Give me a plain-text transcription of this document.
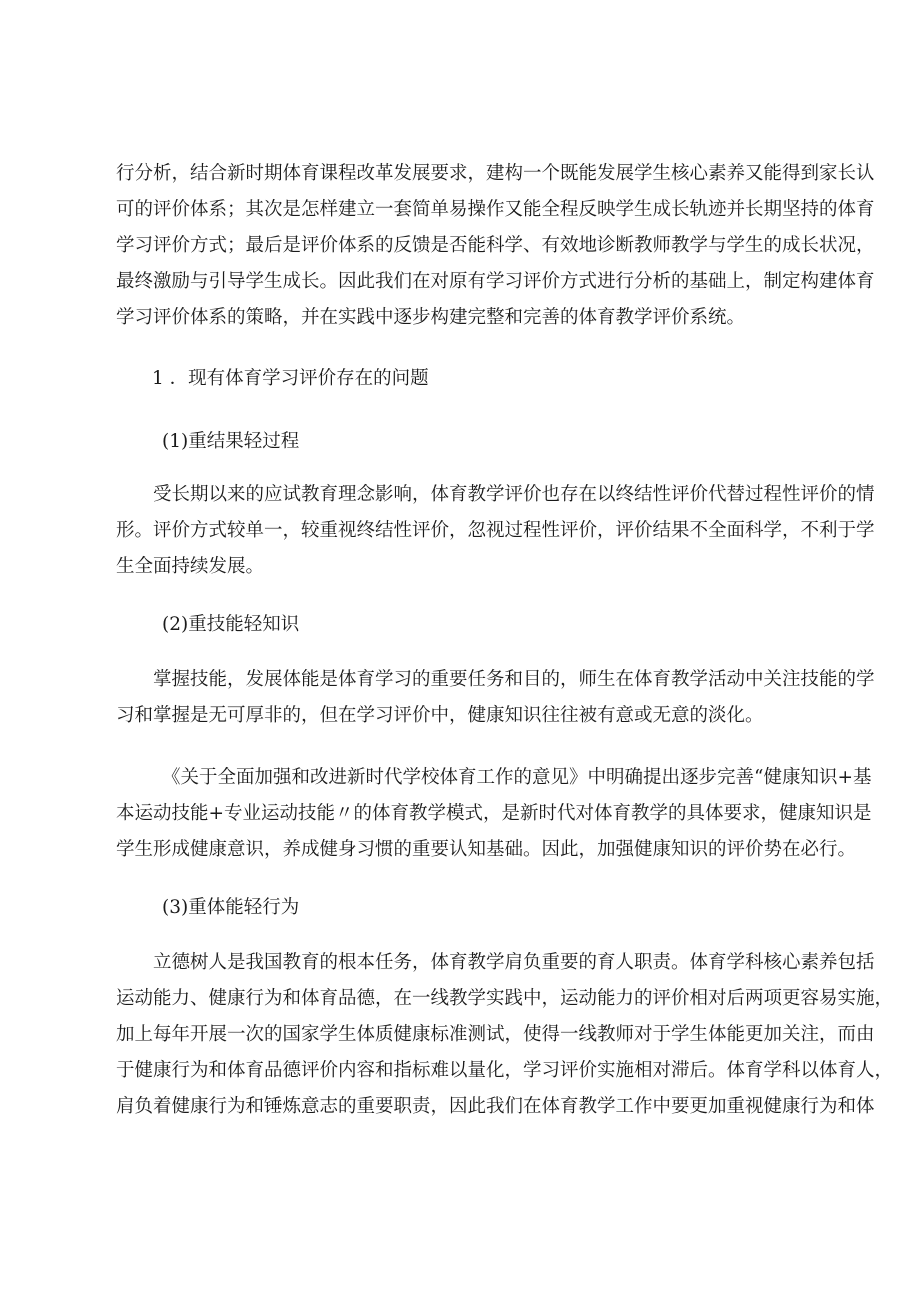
行分析，结合新时期体育课程改革发展要求，建构一个既能发展学生核心素养又能得到家长认
可的评价体系；其次是怎样建立一套简单易操作又能全程反映学生成长轨迹并长期坚持的体育
学习评价方式；最后是评价体系的反馈是否能科学、有效地诊断教师教学与学生的成长状况，
最终激励与引导学生成长。因此我们在对原有学习评价方式进行分析的基础上，制定构建体育
学习评价体系的策略，并在实践中逐步构建完整和完善的体育教学评价系统。
1 ．现有体育学习评价存在的问题
(1)重结果轻过程
受长期以来的应试教育理念影响，体育教学评价也存在以终结性评价代替过程性评价的情
形。评价方式较单一，较重视终结性评价，忽视过程性评价，评价结果不全面科学，不利于学
生全面持续发展。
(2)重技能轻知识
掌握技能，发展体能是体育学习的重要任务和目的，师生在体育教学活动中关注技能的学
习和掌握是无可厚非的，但在学习评价中，健康知识往往被有意或无意的淡化。
《关于全面加强和改进新时代学校体育工作的意见》中明确提出逐步完善“健康知识+基
本运动技能+专业运动技能〃的体育教学模式，是新时代对体育教学的具体要求，健康知识是
学生形成健康意识，养成健身习惯的重要认知基础。因此，加强健康知识的评价势在必行。
(3)重体能轻行为
立德树人是我国教育的根本任务，体育教学肩负重要的育人职责。体育学科核心素养包括
运动能力、健康行为和体育品德，在一线教学实践中，运动能力的评价相对后两项更容易实施，
加上每年开展一次的国家学生体质健康标准测试，使得一线教师对于学生体能更加关注，而由
于健康行为和体育品德评价内容和指标难以量化，学习评价实施相对滞后。体育学科以体育人，
肩负着健康行为和锤炼意志的重要职责，因此我们在体育教学工作中要更加重视健康行为和体
